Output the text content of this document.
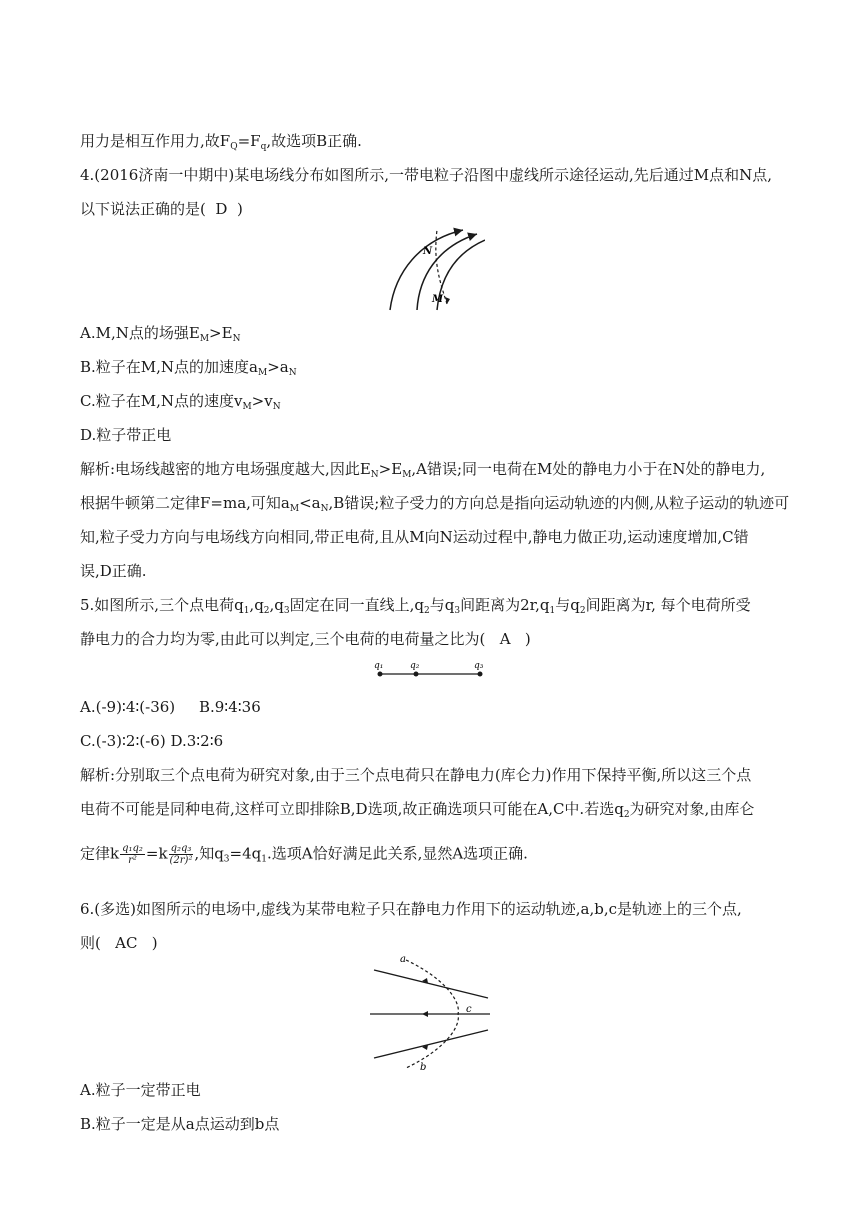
用力是相互作用力,故$F_Q=F_q$,故选项B正确.
4.(2016济南一中期中)某电场线分布如图所示,一带电粒子沿图中虚线所示途径运动,先后通过M点和N点,
以下说法正确的是(  D  )
N
M
A.M,N点的场强$E_M>E_N$
B.粒子在M,N点的加速度$a_M>a_N$
C.粒子在M,N点的速度$v_M>v_N$
D.粒子带正电
解析:电场线越密的地方电场强度越大,因此$E_N>E_M,A$错误;同一电荷在M处的静电力小于在N处的静电力,
根据牛顿第二定律F=ma,可知$a_M<a_N,B$错误;粒子受力的方向总是指向运动轨迹的内侧,从粒子运动的轨迹可
知,粒子受力方向与电场线方向相同,带正电荷,且从M向N运动过程中,静电力做正功,运动速度增加,C错
误,D正确.
5.如图所示,三个点电荷$q_1,q_2,q_3$固定在同一直线上$,q_2$与$q_3$间距离为$2r,q_1$与$q_2$间距离为r, 每个电荷所受
静电力的合力均为零,由此可以判定,三个电荷的电荷量之比为(   A   )
q₁	q₂	q₃
A.(-9)∶4∶(-36)     B.9∶4∶36
C.(-3)∶2∶(-6) D.3∶2∶6
解析:分别取三个点电荷为研究对象,由于三个点电荷只在静电力(库仑力)作用下保持平衡,所以这三个点
电荷不可能是同种电荷,这样可立即排除B,D选项,故正确选项只可能在A,C中.若选$q_2$为研究对象,由库仑
定律k $\frac{\text{q₁q₂}}{\text{r²}} =k \frac{\text{q₂q₃}}{\text{(2r)²}}$ ,知$q_3=4q_1$.选项A恰好满足此关系,显然A选项正确.
6.(多选)如图所示的电场中,虚线为某带电粒子只在静电力作用下的运动轨迹,a,b,c是轨迹上的三个点,
则(   AC   )
a
c
b
A.粒子一定带正电
B.粒子一定是从a点运动到b点
